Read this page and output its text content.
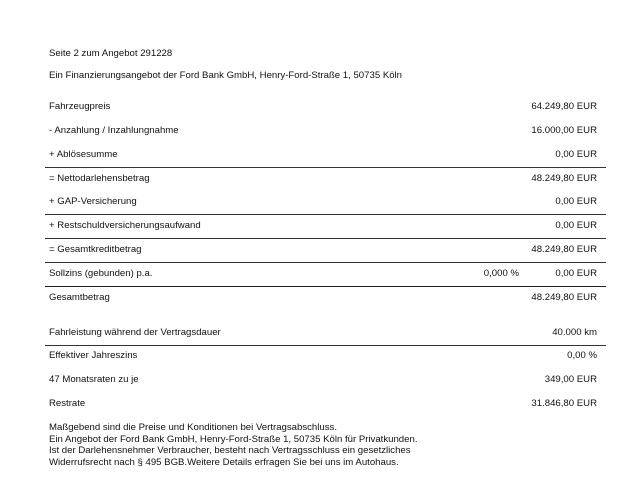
Seite 2 zum Angebot 291228
Ein Finanzierungsangebot der Ford Bank GmbH, Henry-Ford-Straße 1, 50735 Köln
Fahrzeugpreis	64.249,80 EUR
- Anzahlung / Inzahlungnahme	16.000,00 EUR
+ Ablösesumme	0,00 EUR
= Nettodarlehensbetrag	48.249,80 EUR
+ GAP-Versicherung	0,00 EUR
+ Restschuldversicherungsaufwand	0,00 EUR
= Gesamtkreditbetrag	48.249,80 EUR
Sollzins (gebunden) p.a.	0,000 %	0,00 EUR
Gesamtbetrag	48.249,80 EUR
Fahrleistung während der Vertragsdauer	40.000 km
Effektiver Jahreszins	0,00 %
47 Monatsraten zu je	349,00 EUR
Restrate	31.846,80 EUR
Maßgebend sind die Preise und Konditionen bei Vertragsabschluss.
Ein Angebot der Ford Bank GmbH, Henry-Ford-Straße 1, 50735 Köln für Privatkunden.
Ist der Darlehensnehmer Verbraucher, besteht nach Vertragsschluss ein gesetzliches
Widerrufsrecht nach § 495 BGB.Weitere Details erfragen Sie bei uns im Autohaus.
